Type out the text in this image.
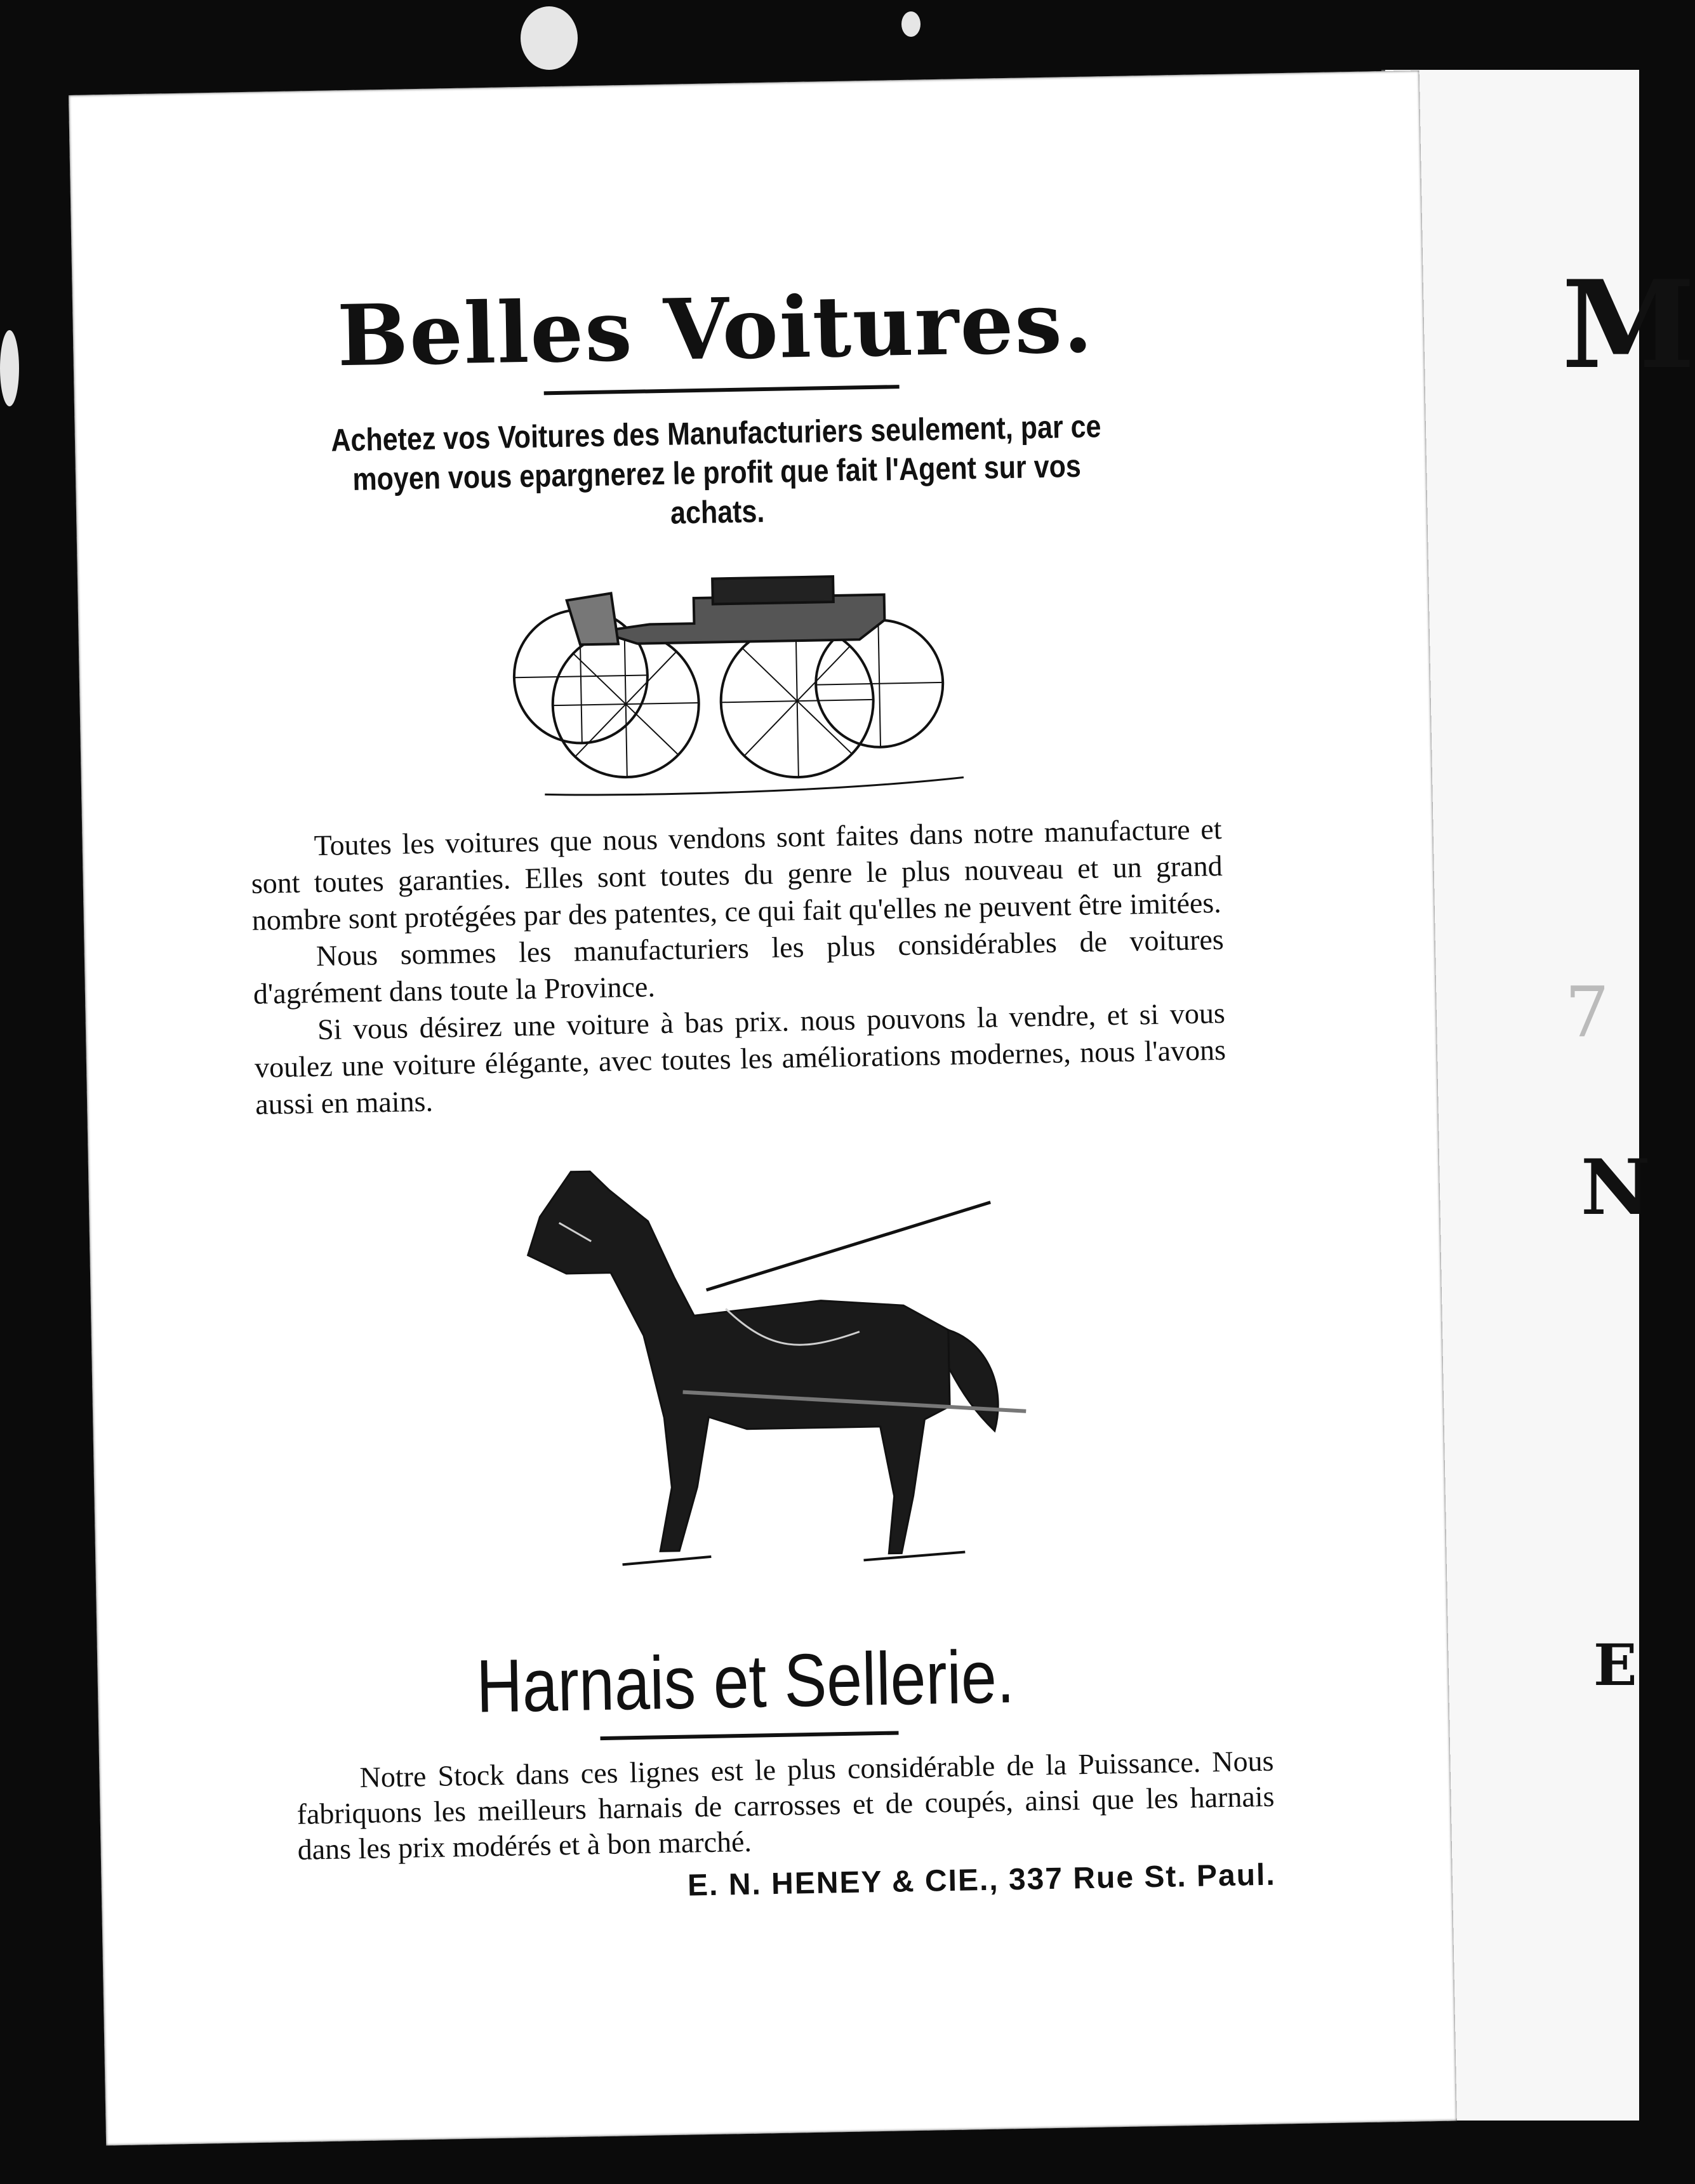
M
7
N
E
Belles Voitures.
Achetez vos Voitures des Manufacturiers seulement, par ce moyen vous epargnerez le profit que fait l'Agent sur vos achats.

Toutes les voitures que nous vendons sont faites dans notre manufacture et sont toutes garanties. Elles sont toutes du genre le plus nouveau et un grand nombre sont protégées par des patentes, ce qui fait qu'elles ne peuvent être imitées.

Nous sommes les manufacturiers les plus considérables de voitures d'agrément dans toute la Province.

Si vous désirez une voiture à bas prix. nous pouvons la vendre, et si vous voulez une voiture élégante, avec toutes les améliorations modernes, nous l'avons aussi en mains.

Harnais et Sellerie.

Notre Stock dans ces lignes est le plus considérable de la Puissance. Nous fabriquons les meilleurs harnais de carrosses et de coupés, ainsi que les harnais dans les prix modérés et à bon marché.

E. N. HENEY & CIE., 337 Rue St. Paul.
